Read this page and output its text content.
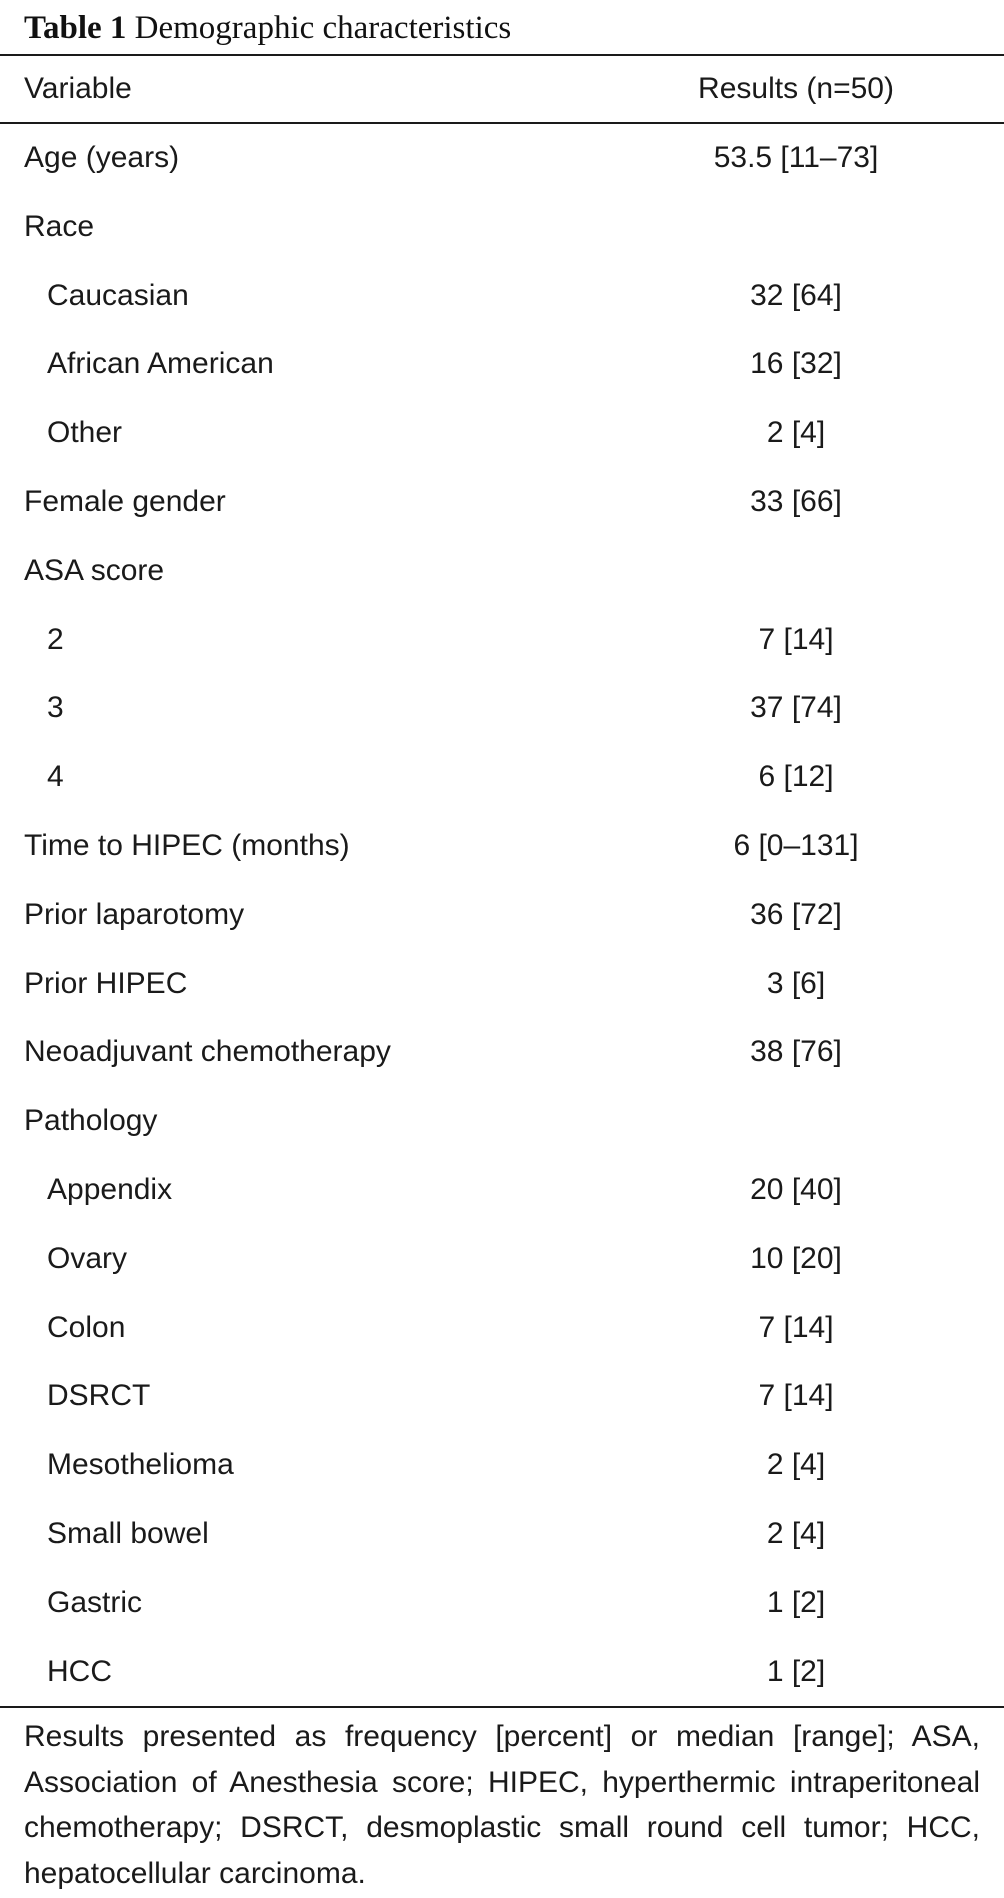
Table 1 Demographic characteristics
Variable	Results (n=50)
Age (years)	53.5 [11–73]
Race
Caucasian	32 [64]
African American	16 [32]
Other	2 [4]
Female gender	33 [66]
ASA score
2	7 [14]
3	37 [74]
4	6 [12]
Time to HIPEC (months)	6 [0–131]
Prior laparotomy	36 [72]
Prior HIPEC	3 [6]
Neoadjuvant chemotherapy	38 [76]
Pathology
Appendix	20 [40]
Ovary	10 [20]
Colon	7 [14]
DSRCT	7 [14]
Mesothelioma	2 [4]
Small bowel	2 [4]
Gastric	1 [2]
HCC	1 [2]
Results presented as frequency [percent] or median [range]; ASA, Association of Anesthesia score; HIPEC, hyperthermic intraperitoneal chemotherapy; DSRCT, desmoplastic small round cell tumor; HCC, hepatocellular carcinoma.
